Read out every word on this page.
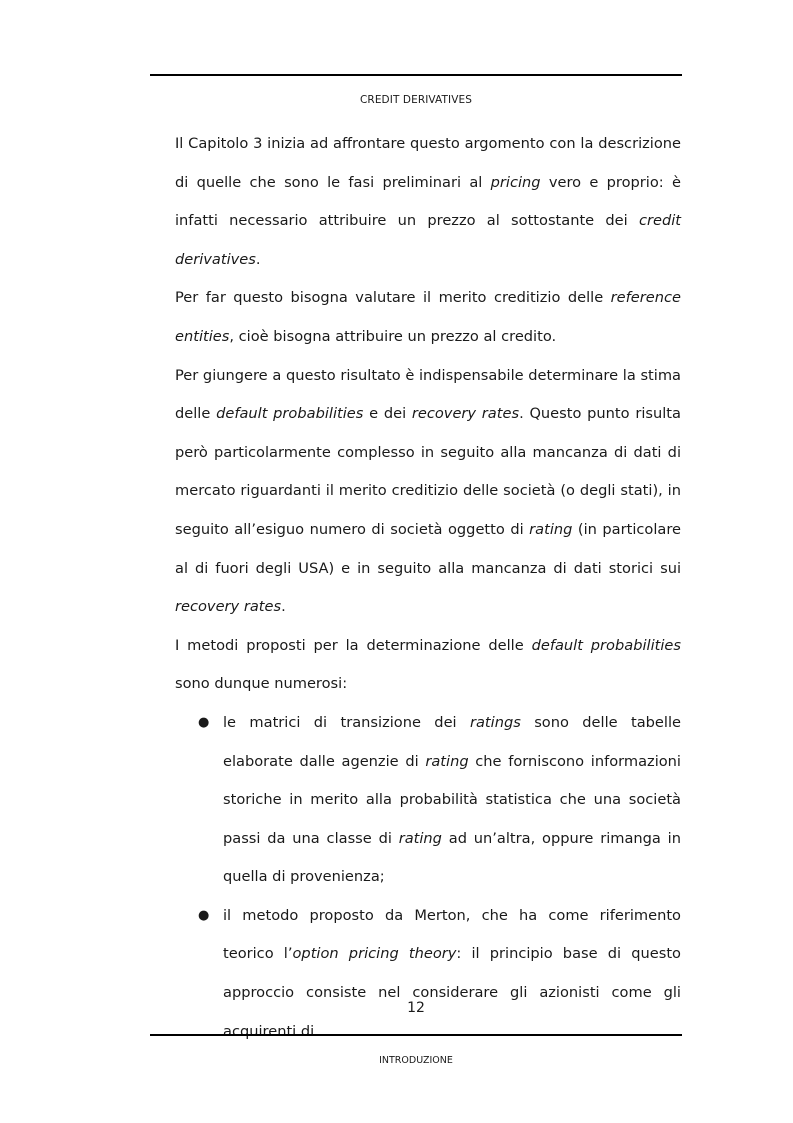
CREDIT DERIVATIVES

Il Capitolo 3 inizia ad affrontare questo argomento con la descrizione di quelle che sono le fasi preliminari al pricing vero e proprio: è infatti necessario attribuire un prezzo al sottostante dei credit derivatives.

Per far questo bisogna valutare il merito creditizio delle reference entities, cioè bisogna attribuire un prezzo al credito.

Per giungere a questo risultato è indispensabile determinare la stima delle default probabilities e dei recovery rates. Questo punto risulta però particolarmente complesso in seguito alla mancanza di dati di mercato riguardanti il merito creditizio delle società (o degli stati), in seguito all’esiguo numero di società oggetto di rating (in particolare al di fuori degli USA) e in seguito alla mancanza di dati storici sui recovery rates.

I metodi proposti per la determinazione delle default probabilities sono dunque numerosi:

● le matrici di transizione dei ratings sono delle tabelle elaborate dalle agenzie di rating che forniscono informazioni storiche in merito alla probabilità statistica che una società passi da una classe di rating ad un’altra, oppure rimanga in quella di provenienza;
● il metodo proposto da Merton, che ha come riferimento teorico l’option pricing theory: il principio base di questo approccio consiste nel considerare gli azionisti come gli acquirenti di
12
INTRODUZIONE
